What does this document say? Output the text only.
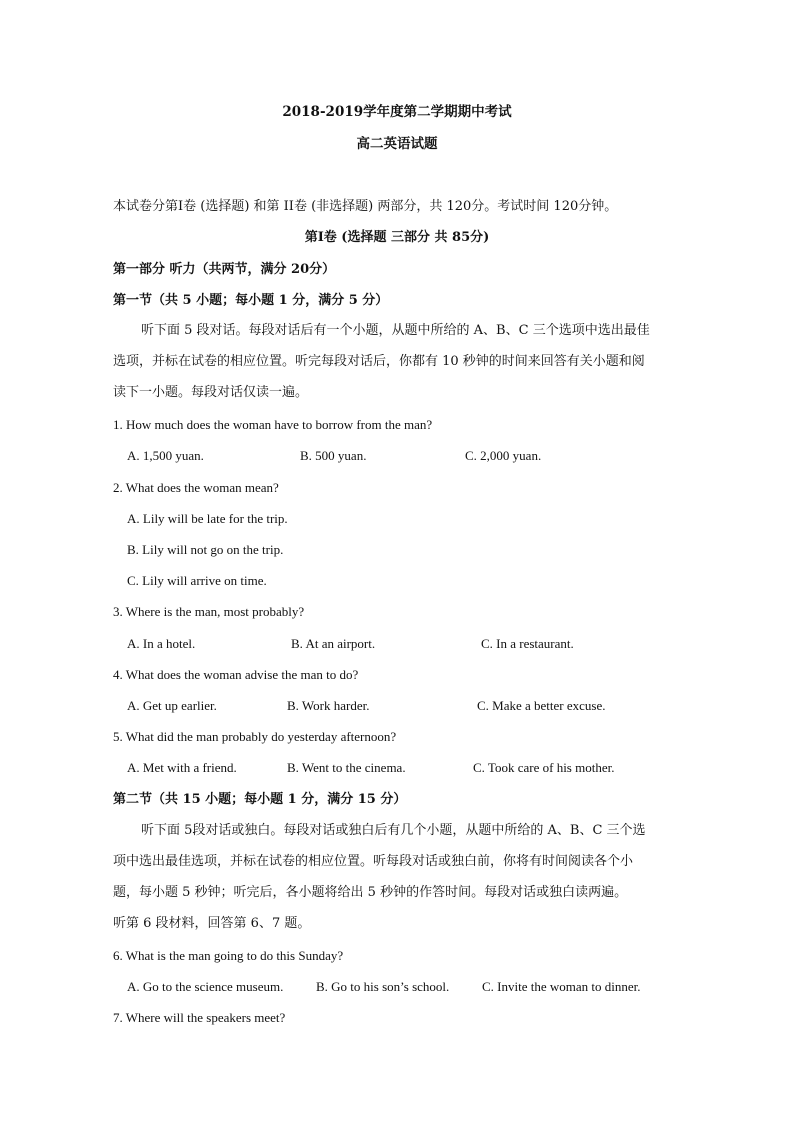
2018-2019学年度第二学期期中考试
高二英语试题
本试卷分第Ⅰ卷 (选择题) 和第 II卷 (非选择题) 两部分，共 120分。考试时间 120分钟。
第Ⅰ卷 (选择题 三部分 共 85分)
第一部分 听力（共两节，满分 20分）
第一节（共 5 小题；每小题 1 分，满分 5 分）
听下面 5 段对话。每段对话后有一个小题，从题中所给的 A、B、C 三个选项中选出最佳
选项，并标在试卷的相应位置。听完每段对话后，你都有 10 秒钟的时间来回答有关小题和阅
读下一小题。每段对话仅读一遍。
1. How much does the woman have to borrow from the man?
A. 1,500 yuan.	B. 500 yuan.	C. 2,000 yuan.
2. What does the woman mean?
A. Lily will be late for the trip.
B. Lily will not go on the trip.
C. Lily will arrive on time.
3. Where is the man, most probably?
A. In a hotel.	B. At an airport.	C. In a restaurant.
4. What does the woman advise the man to do?
A. Get up earlier.	B. Work harder.	C. Make a better excuse.
5. What did the man probably do yesterday afternoon?
A. Met with a friend.	B. Went to the cinema.	C. Took care of his mother.
第二节（共 15 小题；每小题 1 分，满分 15 分）
听下面 5段对话或独白。每段对话或独白后有几个小题，从题中所给的 A、B、C 三个选
项中选出最佳选项，并标在试卷的相应位置。听每段对话或独白前，你将有时间阅读各个小
题，每小题 5 秒钟；听完后，各小题将给出 5 秒钟的作答时间。每段对话或独白读两遍。
听第 6 段材料，回答第 6、7 题。
6. What is the man going to do this Sunday?
A. Go to the science museum.	B. Go to his son’s school.	C. Invite the woman to dinner.
7. Where will the speakers meet?
